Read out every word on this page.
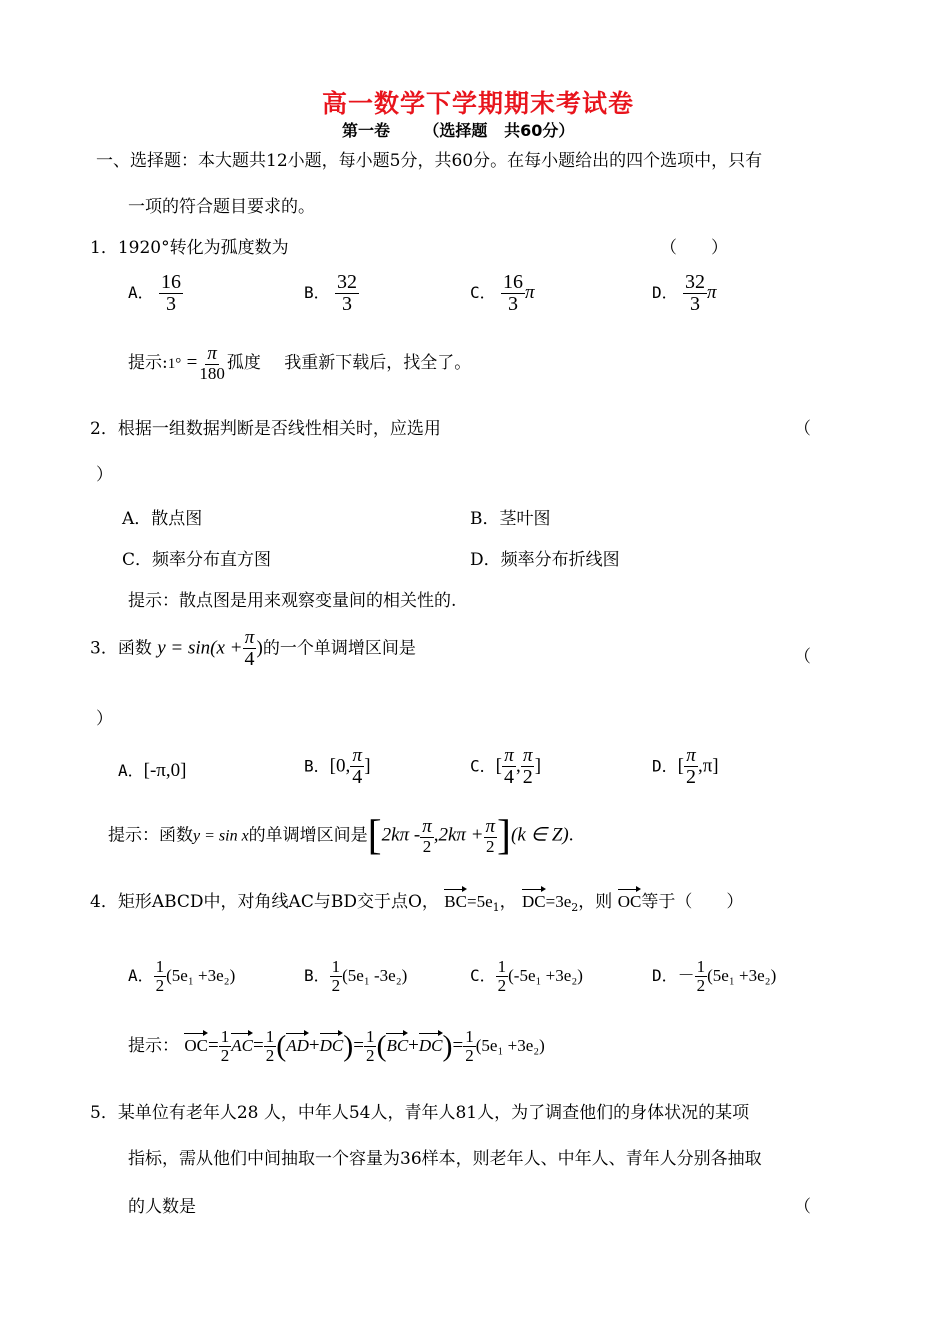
高一数学下学期期末考试卷
第一卷      （选择题   共60分）
一、选择题：本大题共12小题，每小题5分，共60分。在每小题给出的四个选项中，只有
一项的符合题目要求的。
1．1920°转化为孤度数为	（　　）
A． $\frac{16}{3}$	B． $\frac{32}{3}$	C． $\frac{16}{3}$ π	D． $\frac{32}{3}$ π
提示:1° = $\frac{\pi}{180}$ 孤度 我重新下载后，找全了。
2．根据一组数据判断是否线性相关时，应选用	（
）
A．散点图	B．茎叶图
C．频率分布直方图	D．频率分布折线图
提示：散点图是用来观察变量间的相关性的.
3．函数 $y = \sin(x + \frac{\pi}{4}$ )的一个单调增区间是	（
）
A．[-π,0]	B．[0, $\frac{\pi}{4}$ ]	C．[ $\frac{\pi}{4}$ , $\frac{\pi}{2}$ ]	D．[ $\frac{\pi}{2} ,\pi$]
提示：函数y = sin x的单调增区间是$[2k\pi - \frac{\pi}{2} ,2k\pi + \frac{\pi}{2} ](k$ ∈ Z).
4．矩形ABCD中，对角线AC与BD交于点O， $BC=5e_1$， $DC=3e_2$，则 OC等于（　　）
A． $\frac{1}{2} (5e_1 +3e_2)$	B． $\frac{1}{2} (5e_1$ -3e₂)	C． $\frac{1}{2} (-5e_1 +3e_2)$	D．－ $\frac{1}{2} (5e_1 +3e_2)$
提示： $OC= \frac{1}{2} AC= \frac{1}{2} (AD+DC)= \frac{1}{2} (BC+DC)= \frac{1}{2} (5e_1 +3e_2)$
5．某单位有老年人28 人，中年人54人，青年人81人，为了调查他们的身体状况的某项
指标，需从他们中间抽取一个容量为36样本，则老年人、中年人、青年人分别各抽取
的人数是	（
